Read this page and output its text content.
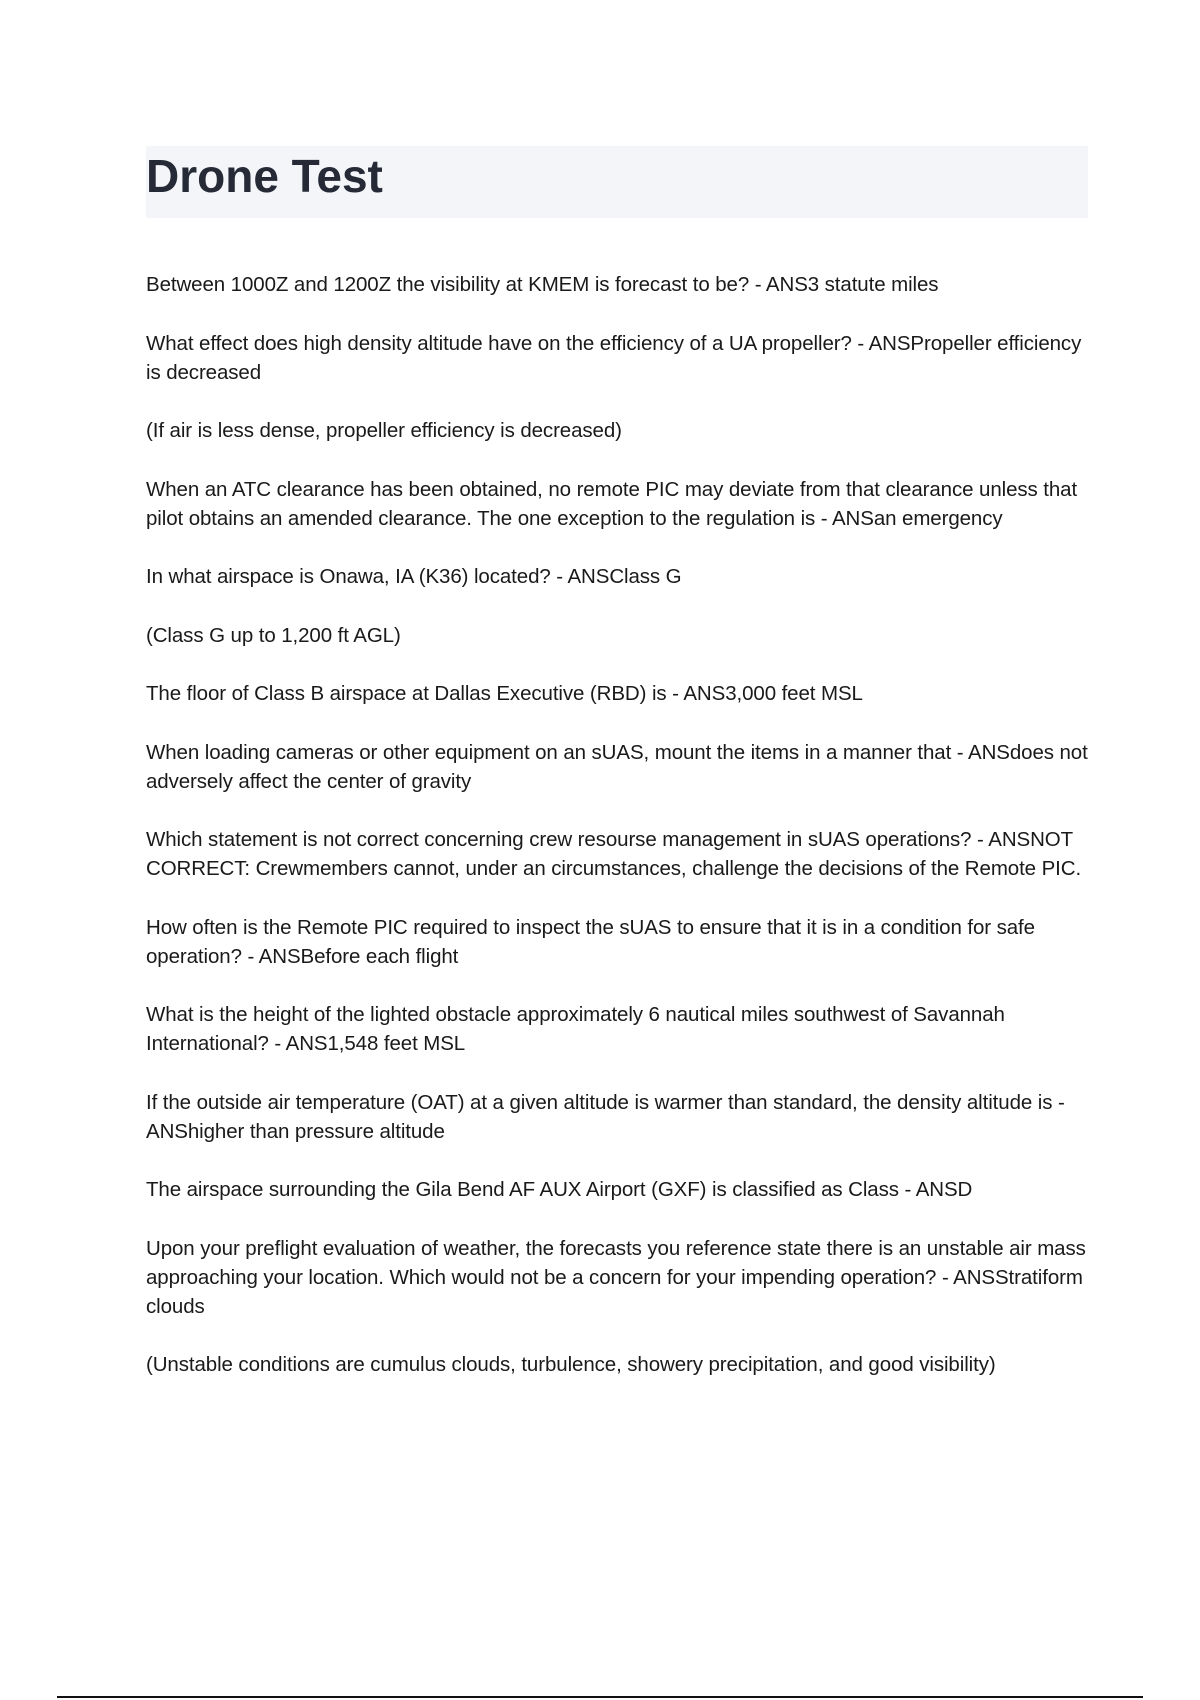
Drone Test

Between 1000Z and 1200Z the visibility at KMEM is forecast to be? - ANS3 statute miles

What effect does high density altitude have on the efficiency of a UA propeller? - ANSPropeller efficiency is decreased

(If air is less dense, propeller efficiency is decreased)

When an ATC clearance has been obtained, no remote PIC may deviate from that clearance unless that pilot obtains an amended clearance. The one exception to the regulation is - ANSan emergency

In what airspace is Onawa, IA (K36) located? - ANSClass G

(Class G up to 1,200 ft AGL)

The floor of Class B airspace at Dallas Executive (RBD) is - ANS3,000 feet MSL

When loading cameras or other equipment on an sUAS, mount the items in a manner that - ANSdoes not adversely affect the center of gravity

Which statement is not correct concerning crew resourse management in sUAS operations? - ANSNOT CORRECT: Crewmembers cannot, under an circumstances, challenge the decisions of the Remote PIC.

How often is the Remote PIC required to inspect the sUAS to ensure that it is in a condition for safe operation? - ANSBefore each flight

What is the height of the lighted obstacle approximately 6 nautical miles southwest of Savannah International? - ANS1,548 feet MSL

If the outside air temperature (OAT) at a given altitude is warmer than standard, the density altitude is - ANShigher than pressure altitude

The airspace surrounding the Gila Bend AF AUX Airport (GXF) is classified as Class - ANSD

Upon your preflight evaluation of weather, the forecasts you reference state there is an unstable air mass approaching your location. Which would not be a concern for your impending operation? - ANSStratiform clouds

(Unstable conditions are cumulus clouds, turbulence, showery precipitation, and good visibility)
